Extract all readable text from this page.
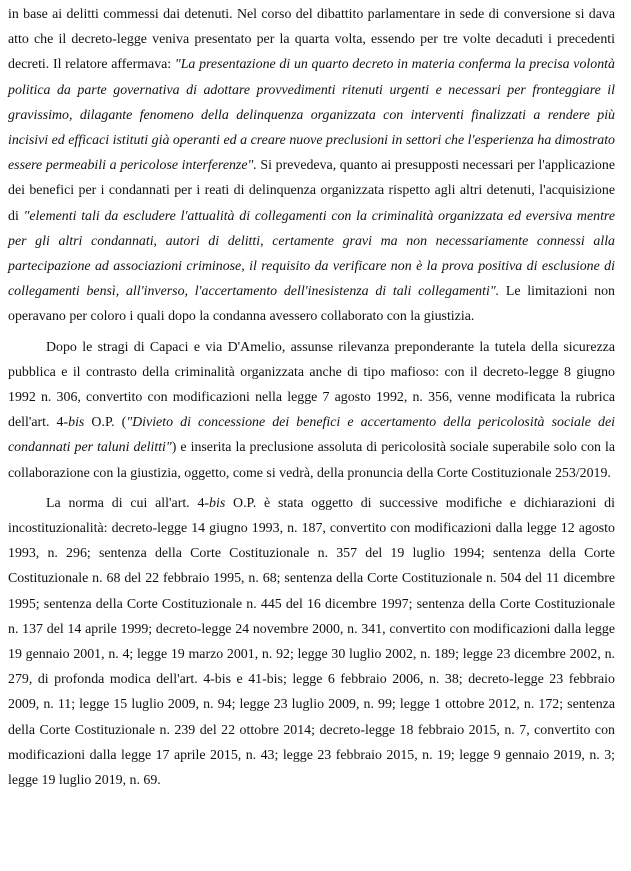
in base ai delitti commessi dai detenuti. Nel corso del dibattito parlamentare in sede di conversione si dava atto che il decreto-legge veniva presentato per la quarta volta, essendo per tre volte decaduti i precedenti decreti. Il relatore affermava: "La presentazione di un quarto decreto in materia conferma la precisa volontà politica da parte governativa di adottare provvedimenti ritenuti urgenti e necessari per fronteggiare il gravissimo, dilagante fenomeno della delinquenza organizzata con interventi finalizzati a rendere più incisivi ed efficaci istituti già operanti ed a creare nuove preclusioni in settori che l'esperienza ha dimostrato essere permeabili a pericolose interferenze". Si prevedeva, quanto ai presupposti necessari per l'applicazione dei benefici per i condannati per i reati di delinquenza organizzata rispetto agli altri detenuti, l'acquisizione di "elementi tali da escludere l'attualità di collegamenti con la criminalità organizzata ed eversiva mentre per gli altri condannati, autori di delitti, certamente gravi ma non necessariamente connessi alla partecipazione ad associazioni criminose, il requisito da verificare non è la prova positiva di esclusione di collegamenti bensì, all'inverso, l'accertamento dell'inesistenza di tali collegamenti". Le limitazioni non operavano per coloro i quali dopo la condanna avessero collaborato con la giustizia.

Dopo le stragi di Capaci e via D'Amelio, assunse rilevanza preponderante la tutela della sicurezza pubblica e il contrasto della criminalità organizzata anche di tipo mafioso: con il decreto-legge 8 giugno 1992 n. 306, convertito con modificazioni nella legge 7 agosto 1992, n. 356, venne modificata la rubrica dell'art. 4-bis O.P. ("Divieto di concessione dei benefici e accertamento della pericolosità sociale dei condannati per taluni delitti") e inserita la preclusione assoluta di pericolosità sociale superabile solo con la collaborazione con la giustizia, oggetto, come si vedrà, della pronuncia della Corte Costituzionale 253/2019.

La norma di cui all'art. 4-bis O.P. è stata oggetto di successive modifiche e dichiarazioni di incostituzionalità: decreto-legge 14 giugno 1993, n. 187, convertito con modificazioni dalla legge 12 agosto 1993, n. 296; sentenza della Corte Costituzionale n. 357 del 19 luglio 1994; sentenza della Corte Costituzionale n. 68 del 22 febbraio 1995, n. 68; sentenza della Corte Costituzionale n. 504 del 11 dicembre 1995; sentenza della Corte Costituzionale n. 445 del 16 dicembre 1997; sentenza della Corte Costituzionale n. 137 del 14 aprile 1999; decreto-legge 24 novembre 2000, n. 341, convertito con modificazioni dalla legge 19 gennaio 2001, n. 4; legge 19 marzo 2001, n. 92; legge 30 luglio 2002, n. 189; legge 23 dicembre 2002, n. 279, di profonda modica dell'art. 4-bis e 41-bis; legge 6 febbraio 2006, n. 38; decreto-legge 23 febbraio 2009, n. 11; legge 15 luglio 2009, n. 94; legge 23 luglio 2009, n. 99; legge 1 ottobre 2012, n. 172; sentenza della Corte Costituzionale n. 239 del 22 ottobre 2014; decreto-legge 18 febbraio 2015, n. 7, convertito con modificazioni dalla legge 17 aprile 2015, n. 43; legge 23 febbraio 2015, n. 19; legge 9 gennaio 2019, n. 3; legge 19 luglio 2019, n. 69.
